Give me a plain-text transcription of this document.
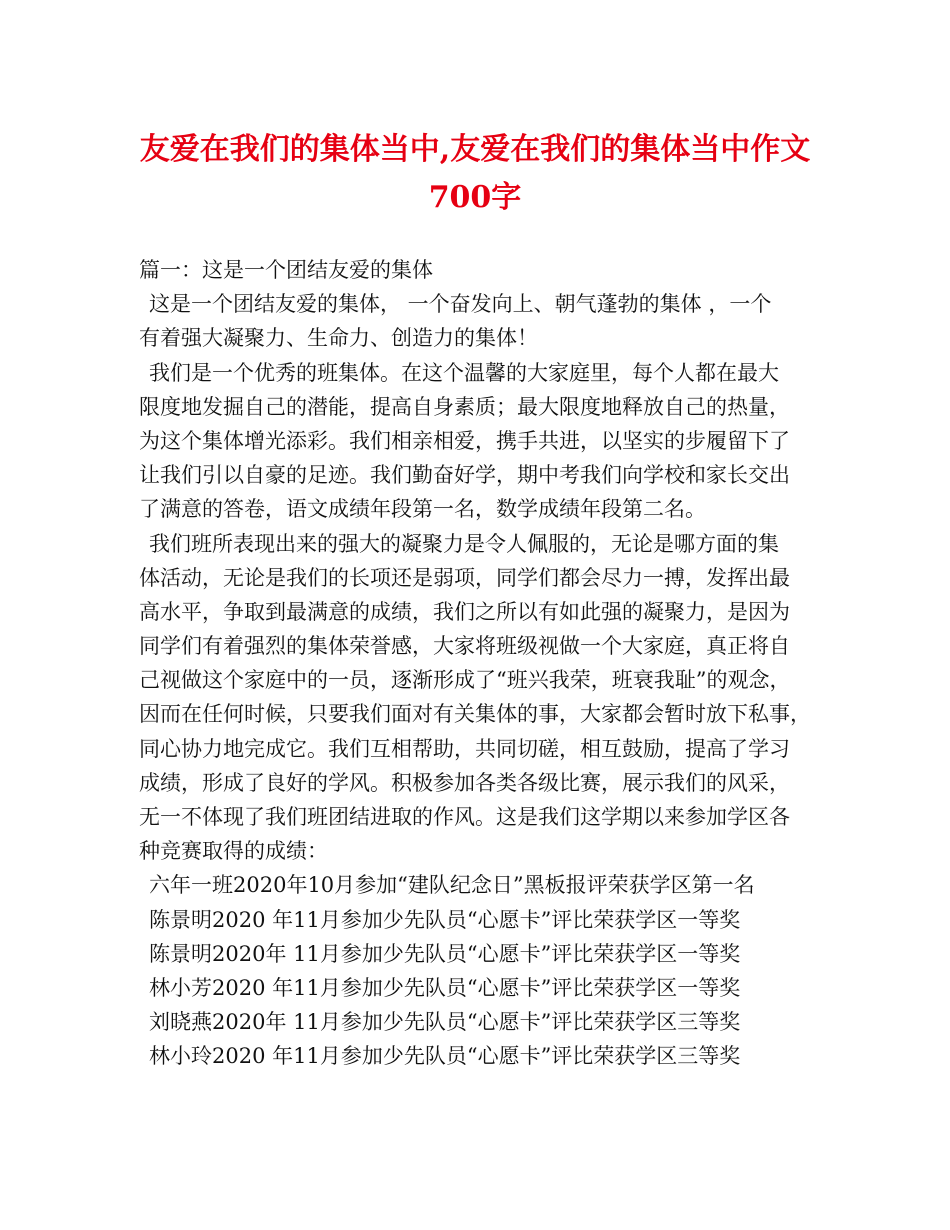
友爱在我们的集体当中,友爱在我们的集体当中作文
700字
篇一：这是一个团结友爱的集体
这是一个团结友爱的集体， 一个奋发向上、朝气蓬勃的集体 ，一个
有着强大凝聚力、生命力、创造力的集体！
我们是一个优秀的班集体。在这个温馨的大家庭里，每个人都在最大
限度地发掘自己的潜能，提高自身素质；最大限度地释放自己的热量，
为这个集体增光添彩。我们相亲相爱，携手共进，以坚实的步履留下了
让我们引以自豪的足迹。我们勤奋好学，期中考我们向学校和家长交出
了满意的答卷，语文成绩年段第一名，数学成绩年段第二名。
我们班所表现出来的强大的凝聚力是令人佩服的，无论是哪方面的集
体活动，无论是我们的长项还是弱项，同学们都会尽力一搏，发挥出最
高水平，争取到最满意的成绩，我们之所以有如此强的凝聚力，是因为
同学们有着强烈的集体荣誉感，大家将班级视做一个大家庭，真正将自
己视做这个家庭中的一员，逐渐形成了“班兴我荣，班衰我耻”的观念，
因而在任何时候，只要我们面对有关集体的事，大家都会暂时放下私事，
同心协力地完成它。我们互相帮助，共同切磋，相互鼓励，提高了学习
成绩，形成了良好的学风。积极参加各类各级比赛，展示我们的风采，
无一不体现了我们班团结进取的作风。这是我们这学期以来参加学区各
种竞赛取得的成绩：
六年一班2020年10月参加“建队纪念日”黑板报评荣获学区第一名
陈景明2020 年11月参加少先队员“心愿卡”评比荣获学区一等奖
陈景明2020年 11月参加少先队员“心愿卡”评比荣获学区一等奖
林小芳2020 年11月参加少先队员“心愿卡”评比荣获学区一等奖
刘晓燕2020年 11月参加少先队员“心愿卡”评比荣获学区三等奖
林小玲2020 年11月参加少先队员“心愿卡”评比荣获学区三等奖
